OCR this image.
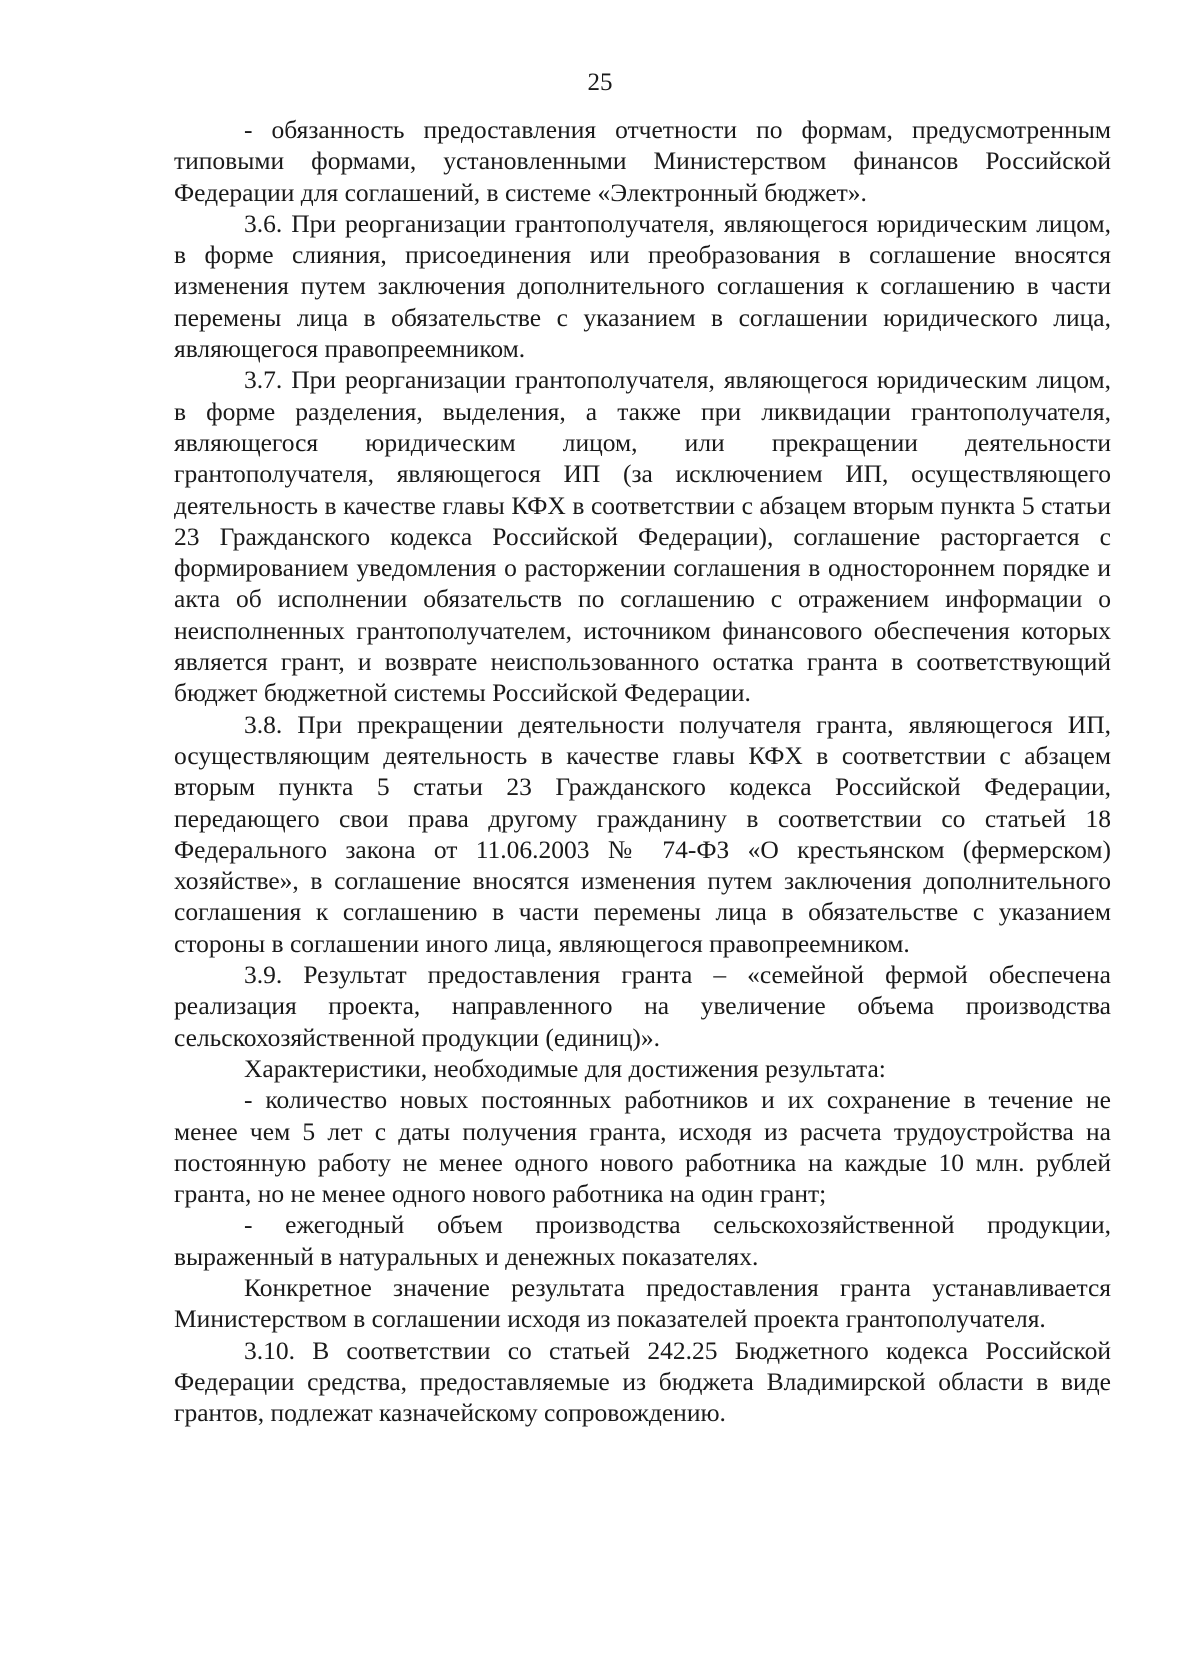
25

- обязанность предоставления отчетности по формам, предусмотренным типовыми формами, установленными Министерством финансов Российской Федерации для соглашений, в системе «Электронный бюджет».

3.6. При реорганизации грантополучателя, являющегося юридическим лицом, в форме слияния, присоединения или преобразования в соглашение вносятся изменения путем заключения дополнительного соглашения к соглашению в части перемены лица в обязательстве с указанием в соглашении юридического лица, являющегося правопреемником.

3.7. При реорганизации грантополучателя, являющегося юридическим лицом, в форме разделения, выделения, а также при ликвидации грантополучателя, являющегося юридическим лицом, или прекращении деятельности грантополучателя, являющегося ИП (за исключением ИП, осуществляющего деятельность в качестве главы КФХ в соответствии с абзацем вторым пункта 5 статьи 23 Гражданского кодекса Российской Федерации), соглашение расторгается с формированием уведомления о расторжении соглашения в одностороннем порядке и акта об исполнении обязательств по соглашению с отражением информации о неисполненных грантополучателем, источником финансового обеспечения которых является грант, и возврате неиспользованного остатка гранта в соответствующий бюджет бюджетной системы Российской Федерации.

3.8. При прекращении деятельности получателя гранта, являющегося ИП, осуществляющим деятельность в качестве главы КФХ в соответствии с абзацем вторым пункта 5 статьи 23 Гражданского кодекса Российской Федерации, передающего свои права другому гражданину в соответствии со статьей 18 Федерального закона от 11.06.2003 № 74-ФЗ «О крестьянском (фермерском) хозяйстве», в соглашение вносятся изменения путем заключения дополнительного соглашения к соглашению в части перемены лица в обязательстве с указанием стороны в соглашении иного лица, являющегося правопреемником.

3.9. Результат предоставления гранта – «семейной фермой обеспечена реализация проекта, направленного на увеличение объема производства сельскохозяйственной продукции (единиц)».

Характеристики, необходимые для достижения результата:

- количество новых постоянных работников и их сохранение в течение не менее чем 5 лет с даты получения гранта, исходя из расчета трудоустройства на постоянную работу не менее одного нового работника на каждые 10 млн. рублей гранта, но не менее одного нового работника на один грант;

- ежегодный объем производства сельскохозяйственной продукции, выраженный в натуральных и денежных показателях.

Конкретное значение результата предоставления гранта устанавливается Министерством в соглашении исходя из показателей проекта грантополучателя.

3.10. В соответствии со статьей 242.25 Бюджетного кодекса Российской Федерации средства, предоставляемые из бюджета Владимирской области в виде грантов, подлежат казначейскому сопровождению.
